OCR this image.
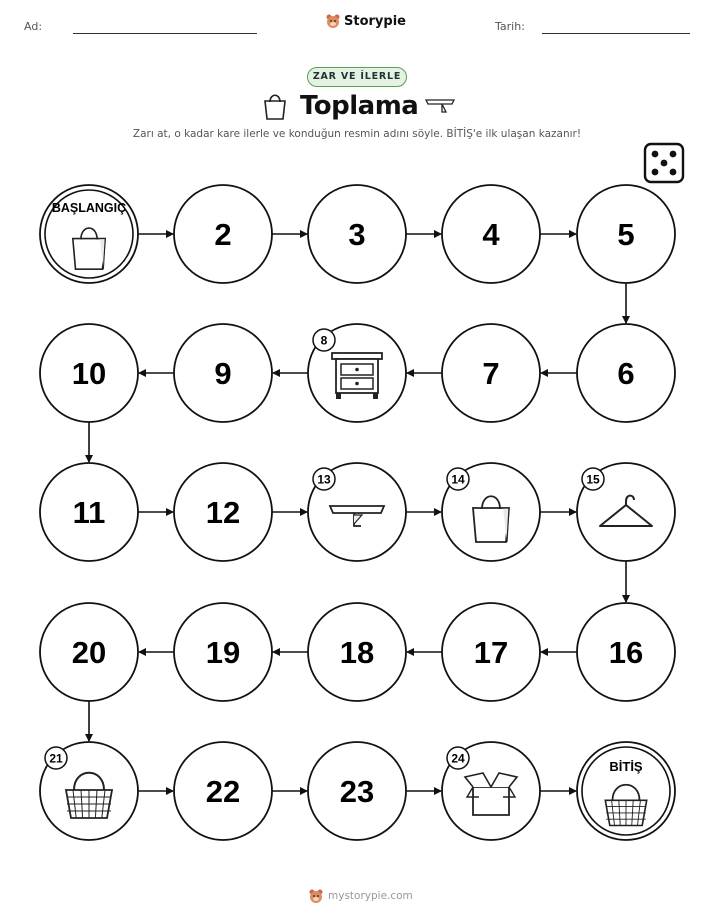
Ad:	Storypie	Tarih:
ZAR VE İLERLE
Toplama
Zarı at, o kadar kare ilerle ve konduğun resmin adını söyle. BİTİŞ'e ilk ulaşan kazanır!
BAŞLANGIÇ
2	3	4	5
6
7
8
9
10
11	12
13	14	15
16
17
18
19
20
21
22	23
24
BİTİŞ
mystorypie.com
